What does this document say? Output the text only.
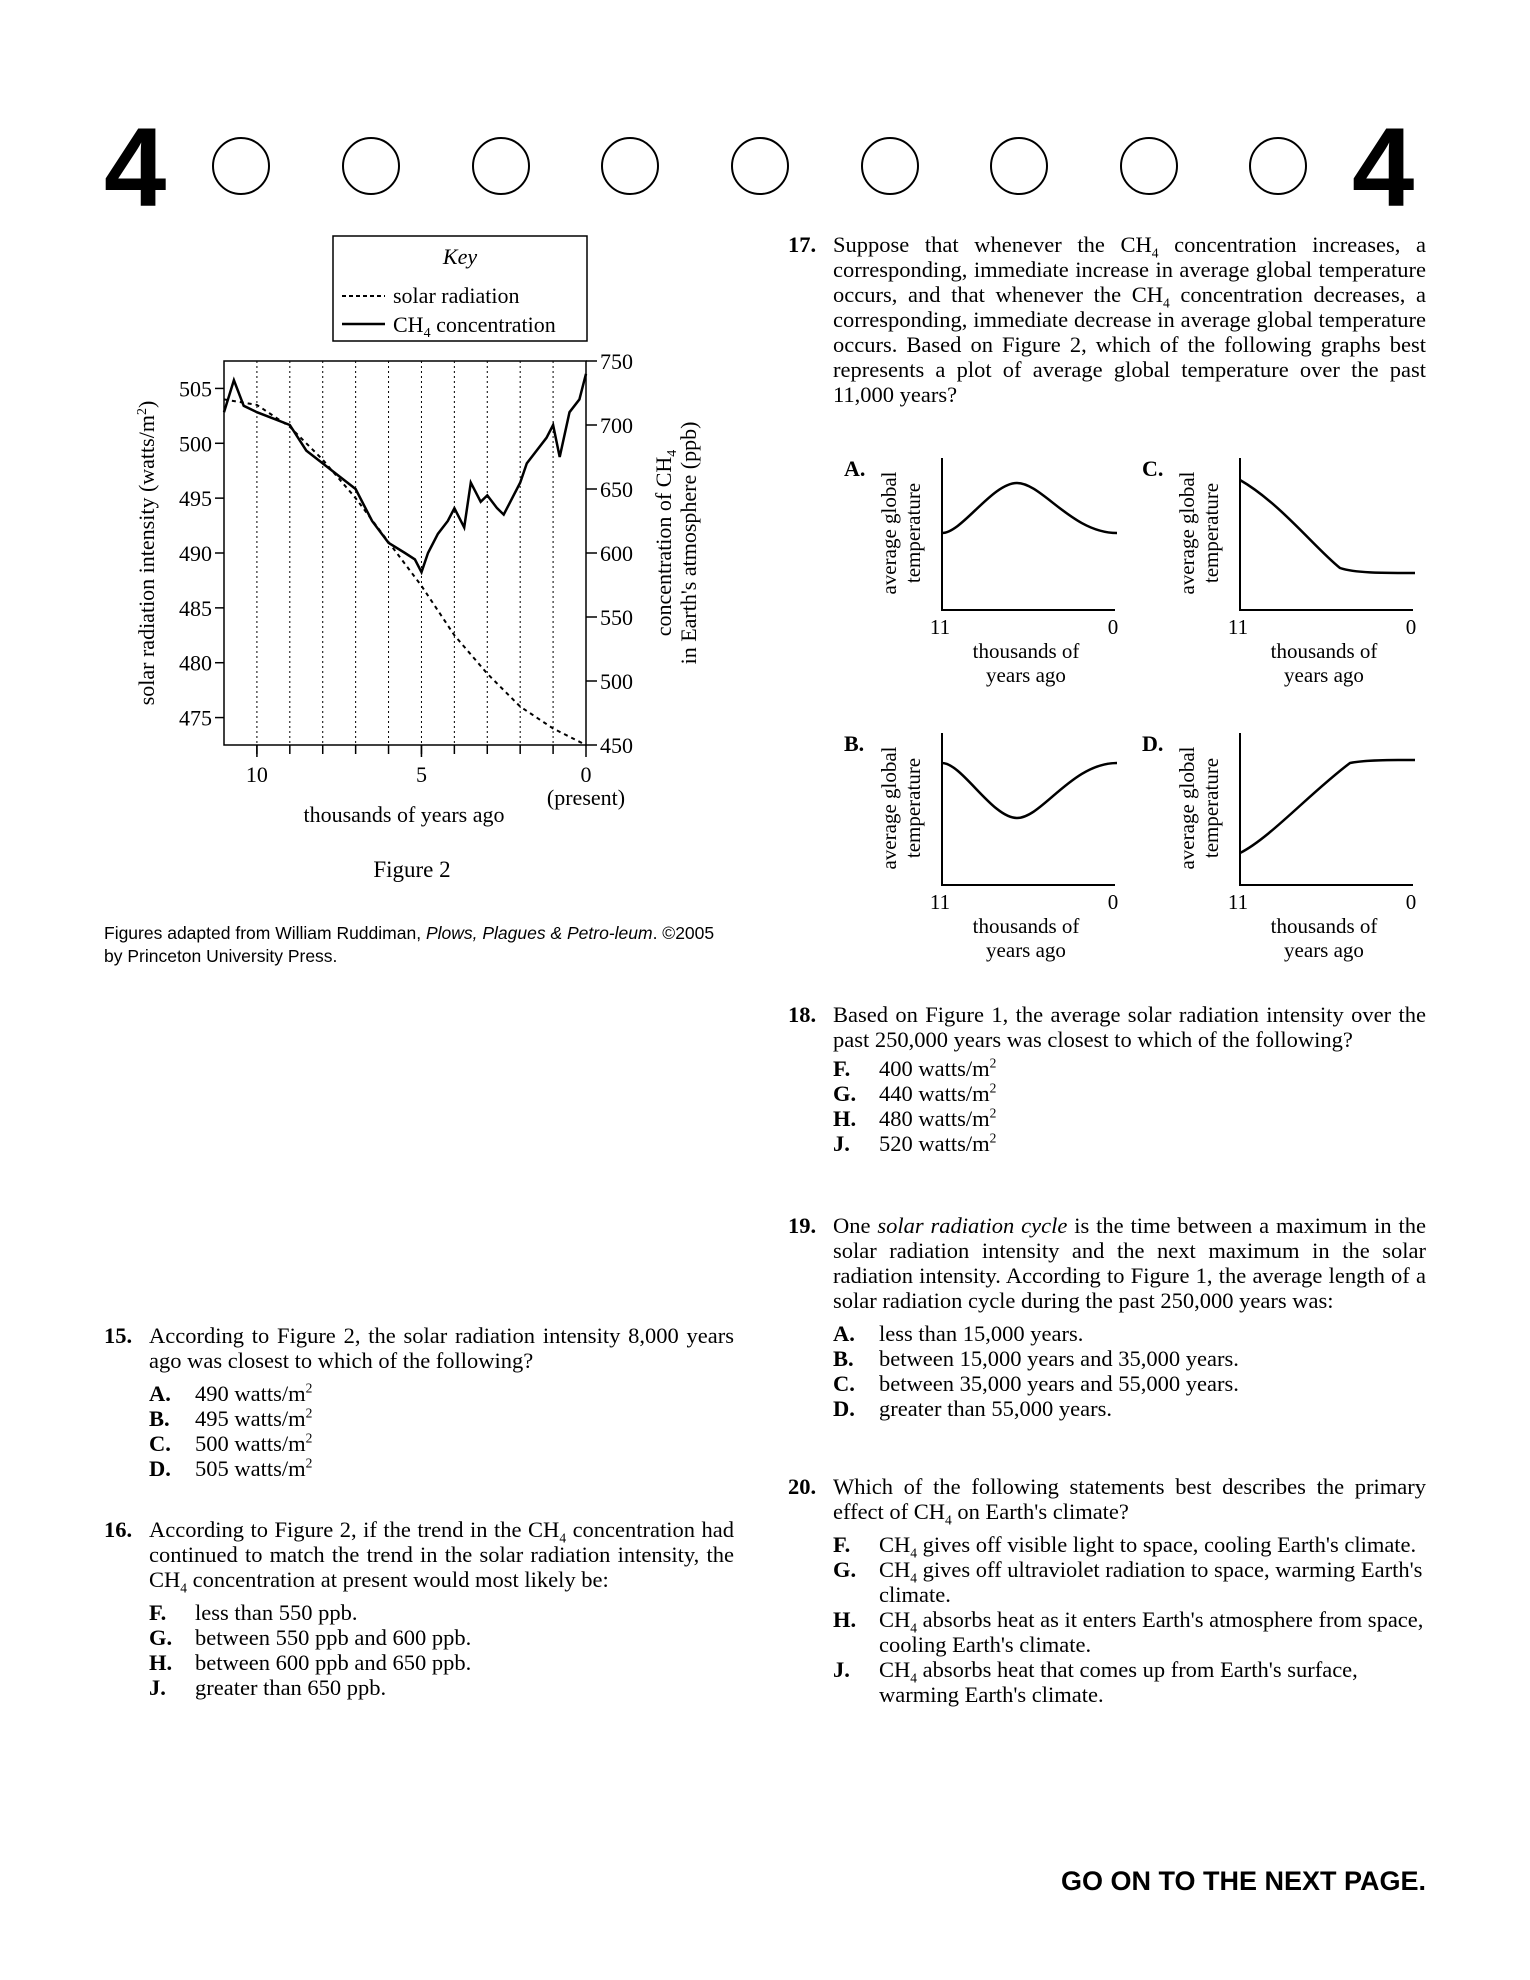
4	4
Key
solar radiation
$CH_4$ concentration
10	5	0
505
500
495
490
485
480
475
750
700
650
600
550
500
450
solar radiation intensity $(watts/m^2)$
concentration of $CH_4$
in Earth's atmosphere (ppb)
thousands of years ago
(present)
Figure 2
Figures adapted from William Ruddiman, Plows, Plagues & Petro-leum. ©2005 by Princeton University Press.
15. According to Figure 2, the solar radiation intensity 8,000 years ago was closest to which of the following?
A. 490 watts/$m^2$
B. 495 watts/$m^2$
C. 500 watts/$m^2$
D. 505 watts/$m^2$
16. According to Figure 2, if the trend in the $CH_4$ concentration had continued to match the trend in the solar radiation intensity, the $CH_4$ concentration at present would most likely be:
F. less than 550 ppb.
G. between 550 ppb and 600 ppb.
H. between 600 ppb and 650 ppb.
J. greater than 650 ppb.
17. Suppose that whenever the $CH_4$ concentration increases, a corresponding, immediate increase in average global temperature occurs, and that whenever the $CH_4$ concentration decreases, a corresponding, immediate decrease in average global temperature occurs. Based on Figure 2, which of the following graphs best represents a plot of average global temperature over the past 11,000 years?
A.
average global temperature
11	0
thousands of
years ago
B.
average global temperature
11	0
thousands of
years ago
C.
average global temperature
11	0
thousands of
years ago
D.
average global temperature
11	0
thousands of
years ago
18. Based on Figure 1, the average solar radiation intensity over the past 250,000 years was closest to which of the following?
F. 400 watts/$m^2$
G. 440 watts/$m^2$
H. 480 watts/$m^2$
J. 520 watts/$m^2$
19. One solar radiation cycle is the time between a maximum in the solar radiation intensity and the next maximum in the solar radiation intensity. According to Figure 1, the average length of a solar radiation cycle during the past 250,000 years was:
A. less than 15,000 years.
B. between 15,000 years and 35,000 years.
C. between 35,000 years and 55,000 years.
D. greater than 55,000 years.
20. Which of the following statements best describes the primary effect of $CH_4$ on Earth's climate?
F. $CH_4$ gives off visible light to space, cooling Earth's climate.
G. $CH_4$ gives off ultraviolet radiation to space, warming Earth's climate.
H. $CH_4$ absorbs heat as it enters Earth's atmosphere from space, cooling Earth's climate.
J. $CH_4$ absorbs heat that comes up from Earth's surface, warming Earth's climate.
GO ON TO THE NEXT PAGE.
